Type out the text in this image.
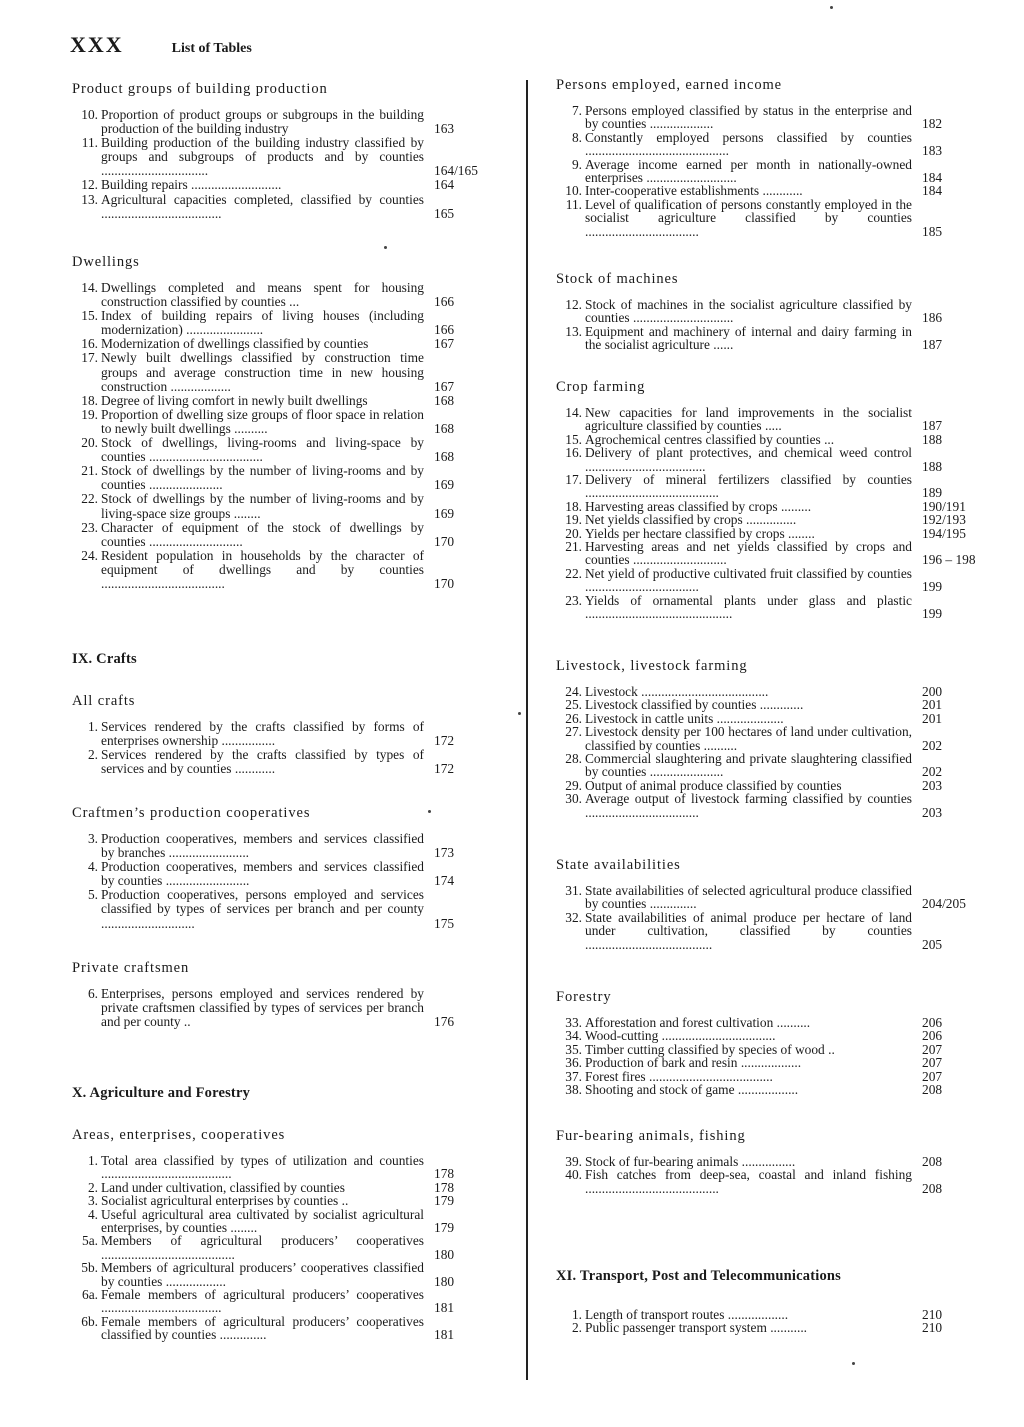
XXX	List of Tables
Product groups of building production
10. Proportion of product groups or subgroups in the building production of the building industry	163
11. Building production of the building industry classified by groups and subgroups of products and by counties ................................	164/165
12. Building repairs ...........................	164
13. Agricultural capacities completed, classified by counties ....................................	165
Dwellings
14. Dwellings completed and means spent for housing construction classified by counties ...	166
15. Index of building repairs of living houses (including modernization) .......................	166
16. Modernization of dwellings classified by counties	167
17. Newly built dwellings classified by construction time groups and average construction time in new housing construction ..................	167
18. Degree of living comfort in newly built dwellings	168
19. Proportion of dwelling size groups of floor space in relation to newly built dwellings ..........	168
20. Stock of dwellings, living-rooms and living-space by counties ..................................	168
21. Stock of dwellings by the number of living-rooms and by counties ......................	169
22. Stock of dwellings by the number of living-rooms and by living-space size groups ........	169
23. Character of equipment of the stock of dwellings by counties ............................	170
24. Resident population in households by the character of equipment of dwellings and by counties .....................................	170
IX. Crafts
All crafts
1. Services rendered by the crafts classified by forms of enterprises ownership ................	172
2. Services rendered by the crafts classified by types of services and by counties ............	172
Craftmen’s production cooperatives
3. Production cooperatives, members and services classified by branches ........................	173
4. Production cooperatives, members and services classified by counties .........................	174
5. Production cooperatives, persons employed and services classified by types of services per branch and per county ............................	175
Private craftsmen
6. Enterprises, persons employed and services rendered by private craftsmen classified by types of services per branch and per county ..	176
X. Agriculture and Forestry
Areas, enterprises, cooperatives
1. Total area classified by types of utilization and counties .......................................	178
2. Land under cultivation, classified by counties	178
3. Socialist agricultural enterprises by counties ..	179
4. Useful agricultural area cultivated by socialist agricultural enterprises, by counties ........	179
5a. Members of agricultural producers’ cooperatives ........................................	180
5b. Members of agricultural producers’ cooperatives classified by counties ..................	180
6a. Female members of agricultural producers’ cooperatives ....................................	181
6b. Female members of agricultural producers’ cooperatives classified by counties ..............	181
Persons employed, earned income
7. Persons employed classified by status in the enterprise and by counties ...................	182
8. Constantly employed persons classified by counties ...........................................	183
9. Average income earned per month in nationally-owned enterprises ...........................	184
10. Inter-cooperative establishments ............	184
11. Level of qualification of persons constantly employed in the socialist agriculture classified by counties ..................................	185
Stock of machines
12. Stock of machines in the socialist agriculture classified by counties ..............................	186
13. Equipment and machinery of internal and dairy farming in the socialist agriculture ......	187
Crop farming
14. New capacities for land improvements in the socialist agriculture classified by counties .....	187
15. Agrochemical centres classified by counties ...	188
16. Delivery of plant protectives, and chemical weed control ....................................	188
17. Delivery of mineral fertilizers classified by counties ........................................	189
18. Harvesting areas classified by crops .........	190/191
19. Net yields classified by crops ...............	192/193
20. Yields per hectare classified by crops ........	194/195
21. Harvesting areas and net yields classified by crops and counties ............................	196 – 198
22. Net yield of productive cultivated fruit classified by counties ..................................	199
23. Yields of ornamental plants under glass and plastic ............................................	199
Livestock, livestock farming
24. Livestock ......................................	200
25. Livestock classified by counties .............	201
26. Livestock in cattle units ....................	201
27. Livestock density per 100 hectares of land under cultivation, classified by counties ..........	202
28. Commercial slaughtering and private slaughtering classified by counties ......................	202
29. Output of animal produce classified by counties	203
30. Average output of livestock farming classified by counties ..................................	203
State availabilities
31. State availabilities of selected agricultural produce classified by counties ..............	204/205
32. State availabilities of animal produce per hectare of land under cultivation, classified by counties ......................................	205
Forestry
33. Afforestation and forest cultivation ..........	206
34. Wood-cutting ..................................	206
35. Timber cutting classified by species of wood ..	207
36. Production of bark and resin ..................	207
37. Forest fires .....................................	207
38. Shooting and stock of game ..................	208
Fur-bearing animals, fishing
39. Stock of fur-bearing animals ................	208
40. Fish catches from deep-sea, coastal and inland fishing ........................................	208
XI. Transport, Post and Telecommunications
1. Length of transport routes ..................	210
2. Public passenger transport system ...........	210
